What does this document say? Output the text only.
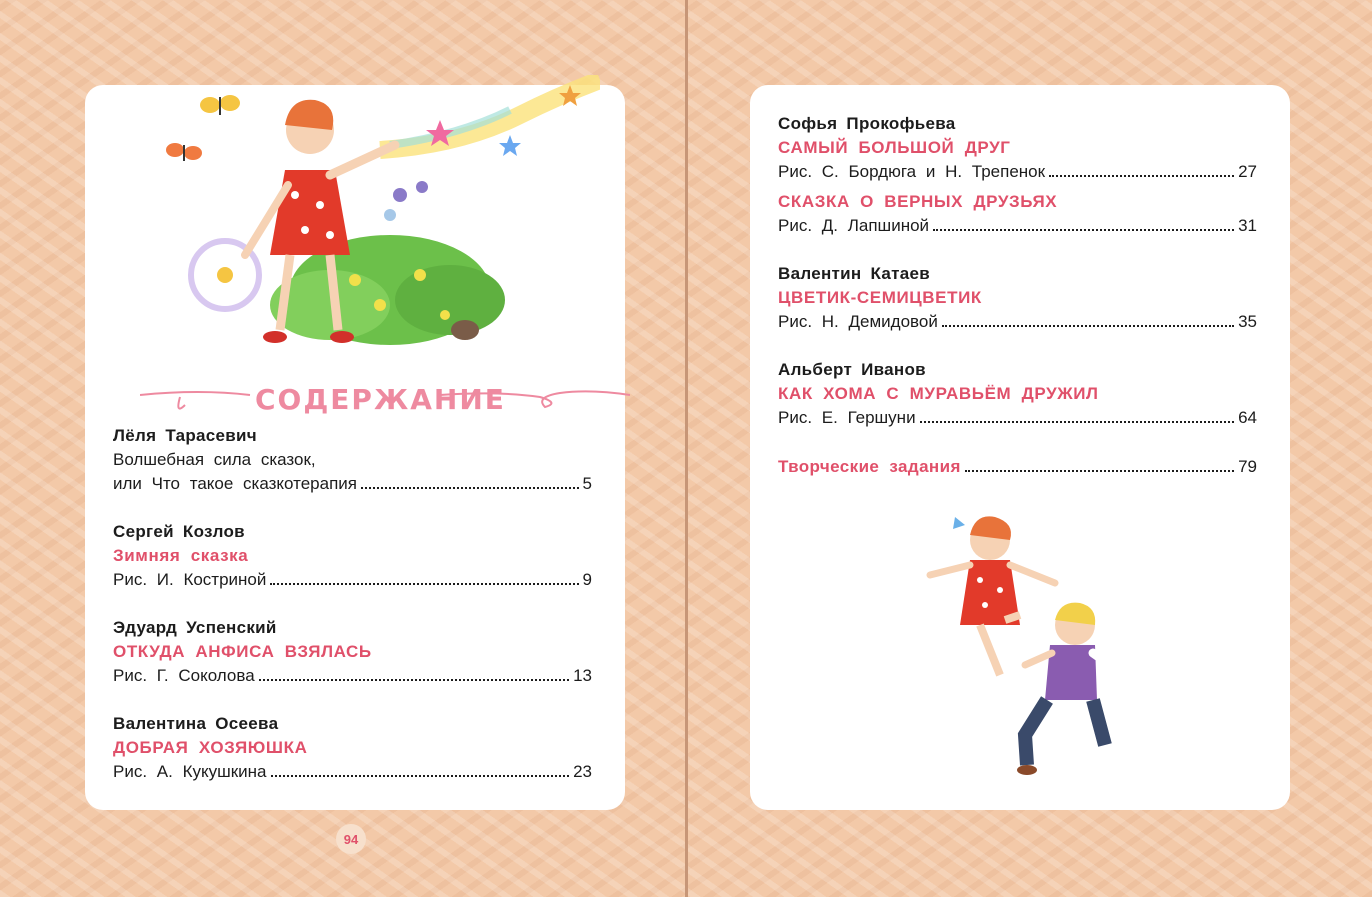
СОДЕРЖАНИЕ
Лёля Тарасевич
Волшебная сила сказок,
или Что такое сказкотерапия	5
Сергей Козлов
Зимняя сказка
Рис. И. Костриной	9
Эдуард Успенский
ОТКУДА АНФИСА ВЗЯЛАСЬ
Рис. Г. Соколова	13
Валентина Осеева
ДОБРАЯ ХОЗЯЮШКА
Рис. А. Кукушкина	23
94
Софья Прокофьева
САМЫЙ БОЛЬШОЙ ДРУГ
Рис. С. Бордюга и Н. Трепенок	27
СКАЗКА О ВЕРНЫХ ДРУЗЬЯХ
Рис. Д. Лапшиной	31
Валентин Катаев
ЦВЕТИК-СЕМИЦВЕТИК
Рис. Н. Демидовой	35
Альберт Иванов
КАК ХОМА С МУРАВЬЁМ ДРУЖИЛ
Рис. Е. Гершуни	64
Творческие задания	79
